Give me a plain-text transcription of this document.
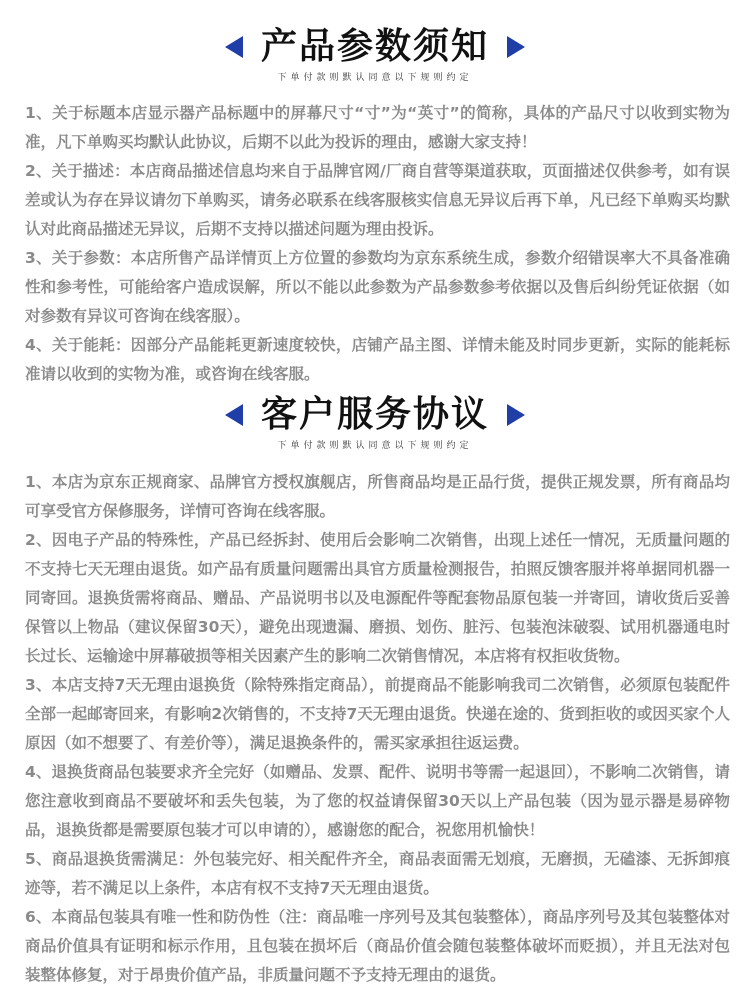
产品参数须知
下单付款则默认同意以下规则约定

1、关于标题本店显示器产品标题中的屏幕尺寸“寸”为“英寸”的简称，具体的产品尺寸以收到实物为准，凡下单购买均默认此协议，后期不以此为投诉的理由，感谢大家支持！

2、关于描述：本店商品描述信息均来自于品牌官网/厂商自营等渠道获取，页面描述仅供参考，如有误差或认为存在异议请勿下单购买，请务必联系在线客服核实信息无异议后再下单，凡已经下单购买均默认对此商品描述无异议，后期不支持以描述问题为理由投诉。

3、关于参数：本店所售产品详情页上方位置的参数均为京东系统生成，参数介绍错误率大不具备准确性和参考性，可能给客户造成误解，所以不能以此参数为产品参数参考依据以及售后纠纷凭证依据（如对参数有异议可咨询在线客服）。

4、关于能耗：因部分产品能耗更新速度较快，店铺产品主图、详情未能及时同步更新，实际的能耗标准请以收到的实物为准，或咨询在线客服。

客户服务协议
下单付款则默认同意以下规则约定

1、本店为京东正规商家、品牌官方授权旗舰店，所售商品均是正品行货，提供正规发票，所有商品均可享受官方保修服务，详情可咨询在线客服。

2、因电子产品的特殊性，产品已经拆封、使用后会影响二次销售，出现上述任一情况，无质量问题的不支持七天无理由退货。如产品有质量问题需出具官方质量检测报告，拍照反馈客服并将单据同机器一同寄回。退换货需将商品、赠品、产品说明书以及电源配件等配套物品原包装一并寄回，请收货后妥善保管以上物品（建议保留30天），避免出现遗漏、磨损、划伤、脏污、包装泡沫破裂、试用机器通电时长过长、运输途中屏幕破损等相关因素产生的影响二次销售情况，本店将有权拒收货物。

3、本店支持7天无理由退换货（除特殊指定商品），前提商品不能影响我司二次销售，必须原包装配件全部一起邮寄回来，有影响2次销售的，不支持7天无理由退货。快递在途的、货到拒收的或因买家个人原因（如不想要了、有差价等），满足退换条件的，需买家承担往返运费。

4、退换货商品包装要求齐全完好（如赠品、发票、配件、说明书等需一起退回），不影响二次销售，请您注意收到商品不要破坏和丢失包装，为了您的权益请保留30天以上产品包装（因为显示器是易碎物品，退换货都是需要原包装才可以申请的），感谢您的配合，祝您用机愉快！

5、商品退换货需满足：外包装完好、相关配件齐全，商品表面需无划痕，无磨损，无磕漆、无拆卸痕迹等，若不满足以上条件，本店有权不支持7天无理由退货。

6、本商品包装具有唯一性和防伪性（注：商品唯一序列号及其包装整体），商品序列号及其包装整体对商品价值具有证明和标示作用，且包装在损坏后（商品价值会随包装整体破坏而贬损），并且无法对包装整体修复，对于昂贵价值产品，非质量问题不予支持无理由的退货。
